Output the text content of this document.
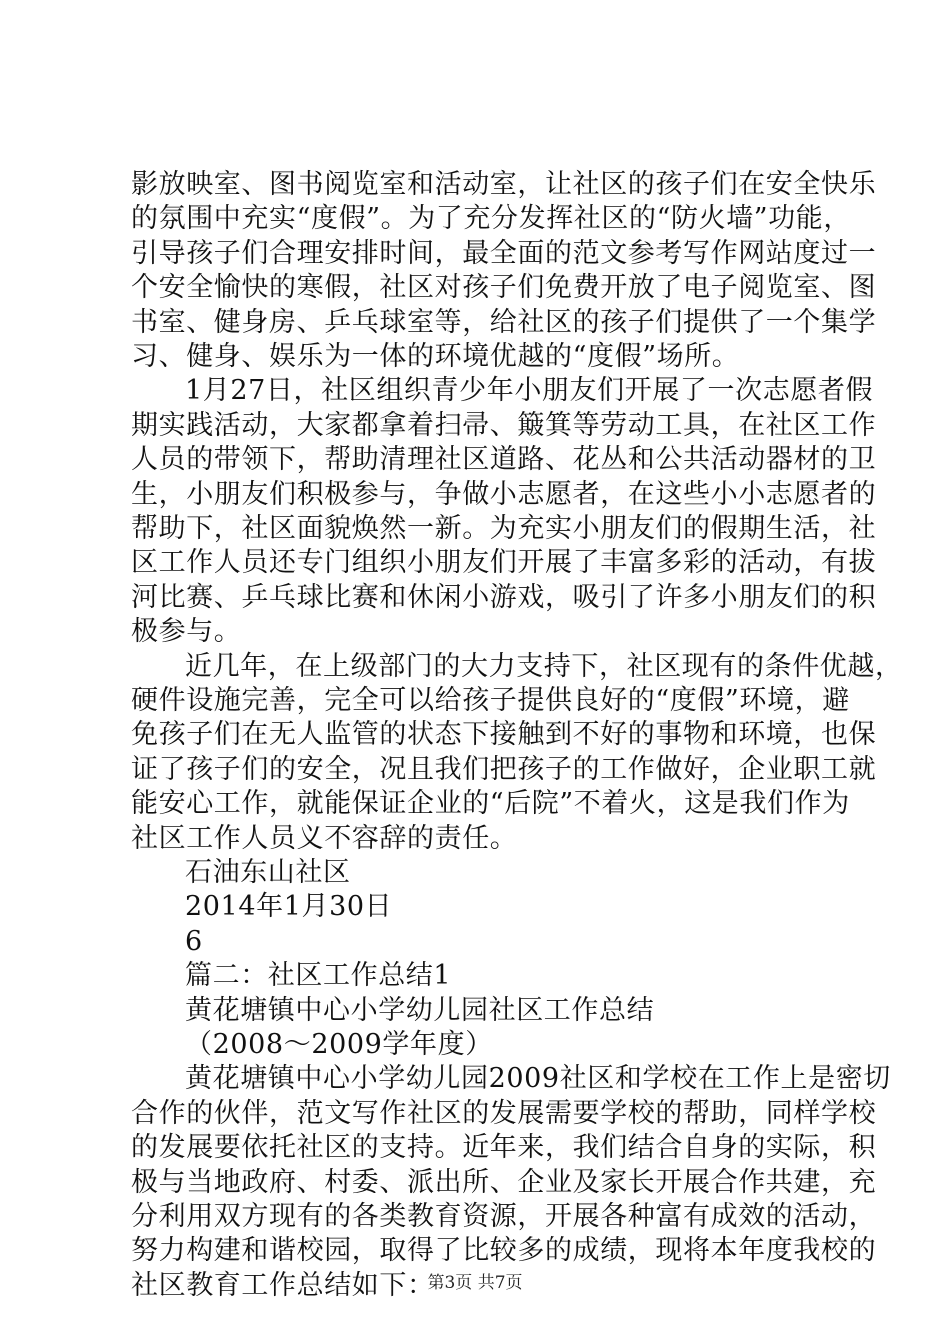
影放映室、图书阅览室和活动室，让社区的孩子们在安全快乐
的氛围中充实“度假”。为了充分发挥社区的“防火墙”功能，
引导孩子们合理安排时间，最全面的范文参考写作网站度过一
个安全愉快的寒假，社区对孩子们免费开放了电子阅览室、图
书室、健身房、乒乓球室等，给社区的孩子们提供了一个集学
习、健身、娱乐为一体的环境优越的“度假”场所。
1月27日，社区组织青少年小朋友们开展了一次志愿者假
期实践活动，大家都拿着扫帚、簸箕等劳动工具，在社区工作
人员的带领下，帮助清理社区道路、花丛和公共活动器材的卫
生，小朋友们积极参与，争做小志愿者，在这些小小志愿者的
帮助下，社区面貌焕然一新。为充实小朋友们的假期生活，社
区工作人员还专门组织小朋友们开展了丰富多彩的活动，有拔
河比赛、乒乓球比赛和休闲小游戏，吸引了许多小朋友们的积
极参与。
近几年，在上级部门的大力支持下，社区现有的条件优越，
硬件设施完善，完全可以给孩子提供良好的“度假”环境，避
免孩子们在无人监管的状态下接触到不好的事物和环境，也保
证了孩子们的安全，况且我们把孩子的工作做好，企业职工就
能安心工作，就能保证企业的“后院”不着火，这是我们作为
社区工作人员义不容辞的责任。
石油东山社区
2014年1月30日
6
篇二：社区工作总结1
黄花塘镇中心小学幼儿园社区工作总结
（2008～2009学年度）
黄花塘镇中心小学幼儿园2009社区和学校在工作上是密切
合作的伙伴，范文写作社区的发展需要学校的帮助，同样学校
的发展要依托社区的支持。近年来，我们结合自身的实际，积
极与当地政府、村委、派出所、企业及家长开展合作共建，充
分利用双方现有的各类教育资源，开展各种富有成效的活动，
努力构建和谐校园，取得了比较多的成绩，现将本年度我校的
社区教育工作总结如下：
第3页 共7页
